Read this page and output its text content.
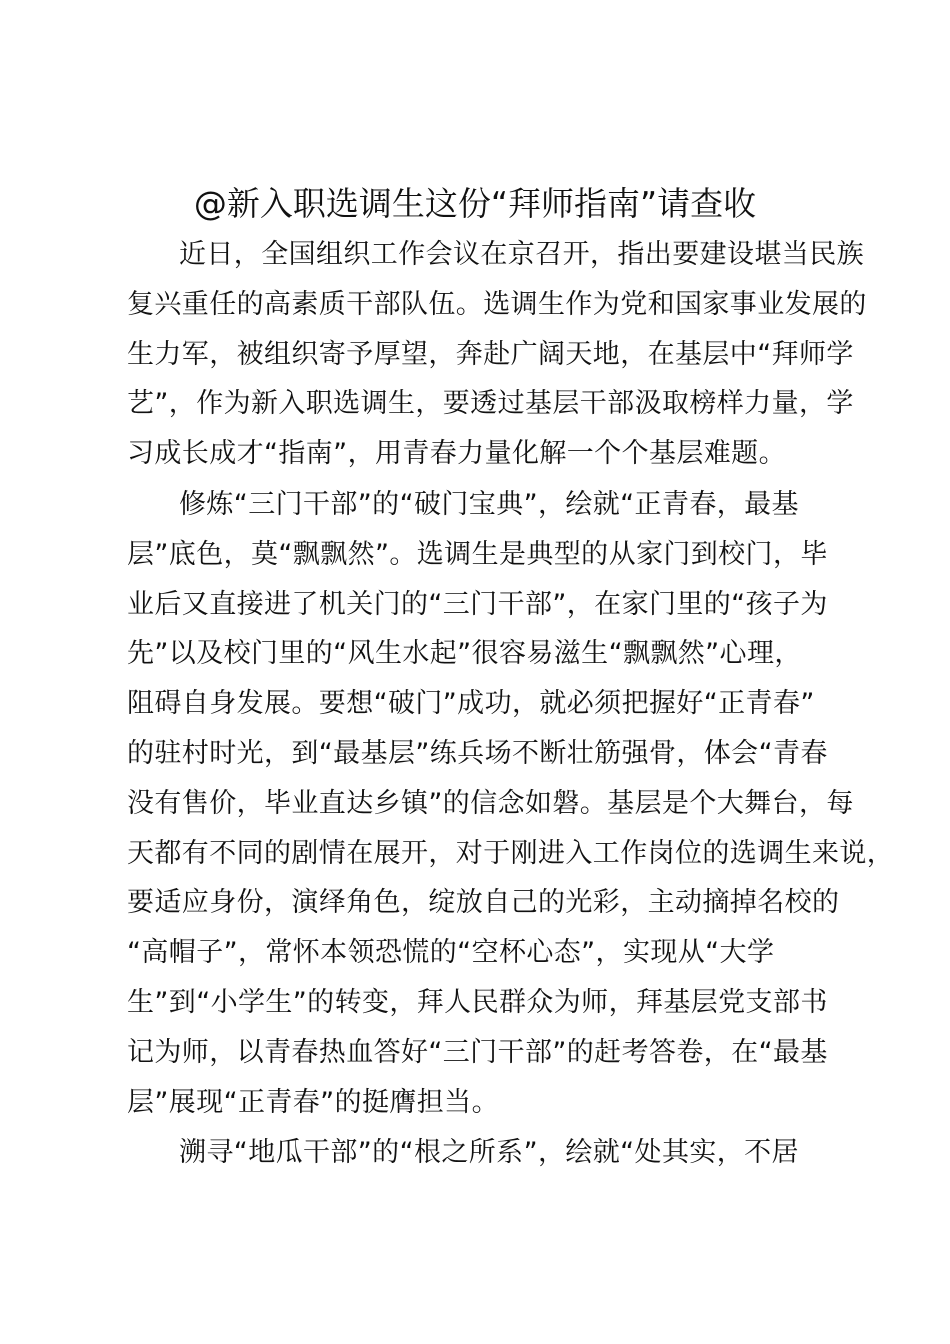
@新入职选调生这份“拜师指南”请查收
近日，全国组织工作会议在京召开，指出要建设堪当民族
复兴重任的高素质干部队伍。选调生作为党和国家事业发展的
生力军，被组织寄予厚望，奔赴广阔天地，在基层中“拜师学
艺”，作为新入职选调生，要透过基层干部汲取榜样力量，学
习成长成才“指南”，用青春力量化解一个个基层难题。
修炼“三门干部”的“破门宝典”，绘就“正青春，最基
层”底色，莫“飘飘然”。选调生是典型的从家门到校门，毕
业后又直接进了机关门的“三门干部”，在家门里的“孩子为
先”以及校门里的“风生水起”很容易滋生“飘飘然”心理，
阻碍自身发展。要想“破门”成功，就必须把握好“正青春”
的驻村时光，到“最基层”练兵场不断壮筋强骨，体会“青春
没有售价，毕业直达乡镇”的信念如磐。基层是个大舞台，每
天都有不同的剧情在展开，对于刚进入工作岗位的选调生来说，
要适应身份，演绎角色，绽放自己的光彩，主动摘掉名校的
“高帽子”，常怀本领恐慌的“空杯心态”，实现从“大学
生”到“小学生”的转变，拜人民群众为师，拜基层党支部书
记为师，以青春热血答好“三门干部”的赶考答卷，在“最基
层”展现“正青春”的挺膺担当。
溯寻“地瓜干部”的“根之所系”，绘就“处其实，不居
